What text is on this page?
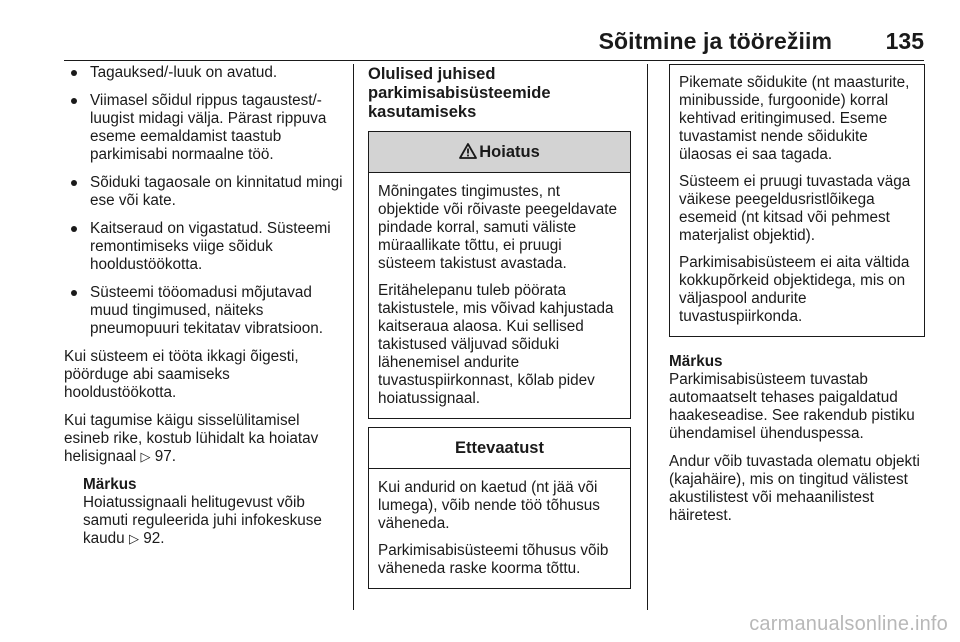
Sõitmine ja töörežiim 135
Tagauksed/-luuk on avatud.
Viimasel sõidul rippus tagaustest/-luugist midagi välja. Pärast rippuva eseme eemaldamist taastub parkimisabi normaalne töö.
Sõiduki tagaosale on kinnitatud mingi ese või kate.
Kaitseraud on vigastatud. Süsteemi remontimiseks viige sõiduk hooldustöökotta.
Süsteemi tööomadusi mõjutavad muud tingimused, näiteks pneumopuuri tekitatav vibratsioon.

Kui süsteem ei tööta ikkagi õigesti, pöörduge abi saamiseks hooldustöökotta.

Kui tagumise käigu sisselülitamisel esineb rike, kostub lühidalt ka hoiatav helisignaal ▷ 97.

Märkus
Hoiatussignaali helitugevust võib samuti reguleerida juhi infokeskuse kaudu ▷ 92.
Olulised juhised parkimisabisüsteemide kasutamiseks
Hoiatus

Mõningates tingimustes, nt objektide või rõivaste peegeldavate pindade korral, samuti väliste müraallikate tõttu, ei pruugi süsteem takistust avastada.

Eritähelepanu tuleb pöörata takistustele, mis võivad kahjustada kaitseraua alaosa. Kui sellised takistused väljuvad sõiduki lähenemisel andurite tuvastuspiirkonnast, kõlab pidev hoiatussignaal.

Ettevaatust

Kui andurid on kaetud (nt jää või lumega), võib nende töö tõhusus väheneda.

Parkimisabisüsteemi tõhusus võib väheneda raske koorma tõttu.

Pikemate sõidukite (nt maasturite, minibusside, furgoonide) korral kehtivad eritingimused. Eseme tuvastamist nende sõidukite ülaosas ei saa tagada.

Süsteem ei pruugi tuvastada väga väikese peegeldusristlõikega esemeid (nt kitsad või pehmest materjalist objektid).

Parkimisabisüsteem ei aita vältida kokkupõrkeid objektidega, mis on väljaspool andurite tuvastuspiirkonda.

Märkus

Parkimisabisüsteem tuvastab automaatselt tehases paigaldatud haakeseadise. See rakendub pistiku ühendamisel ühenduspessa.

Andur võib tuvastada olematu objekti (kajahäire), mis on tingitud välistest akustilistest või mehaanilistest häiretest.

carmanualsonline.info
